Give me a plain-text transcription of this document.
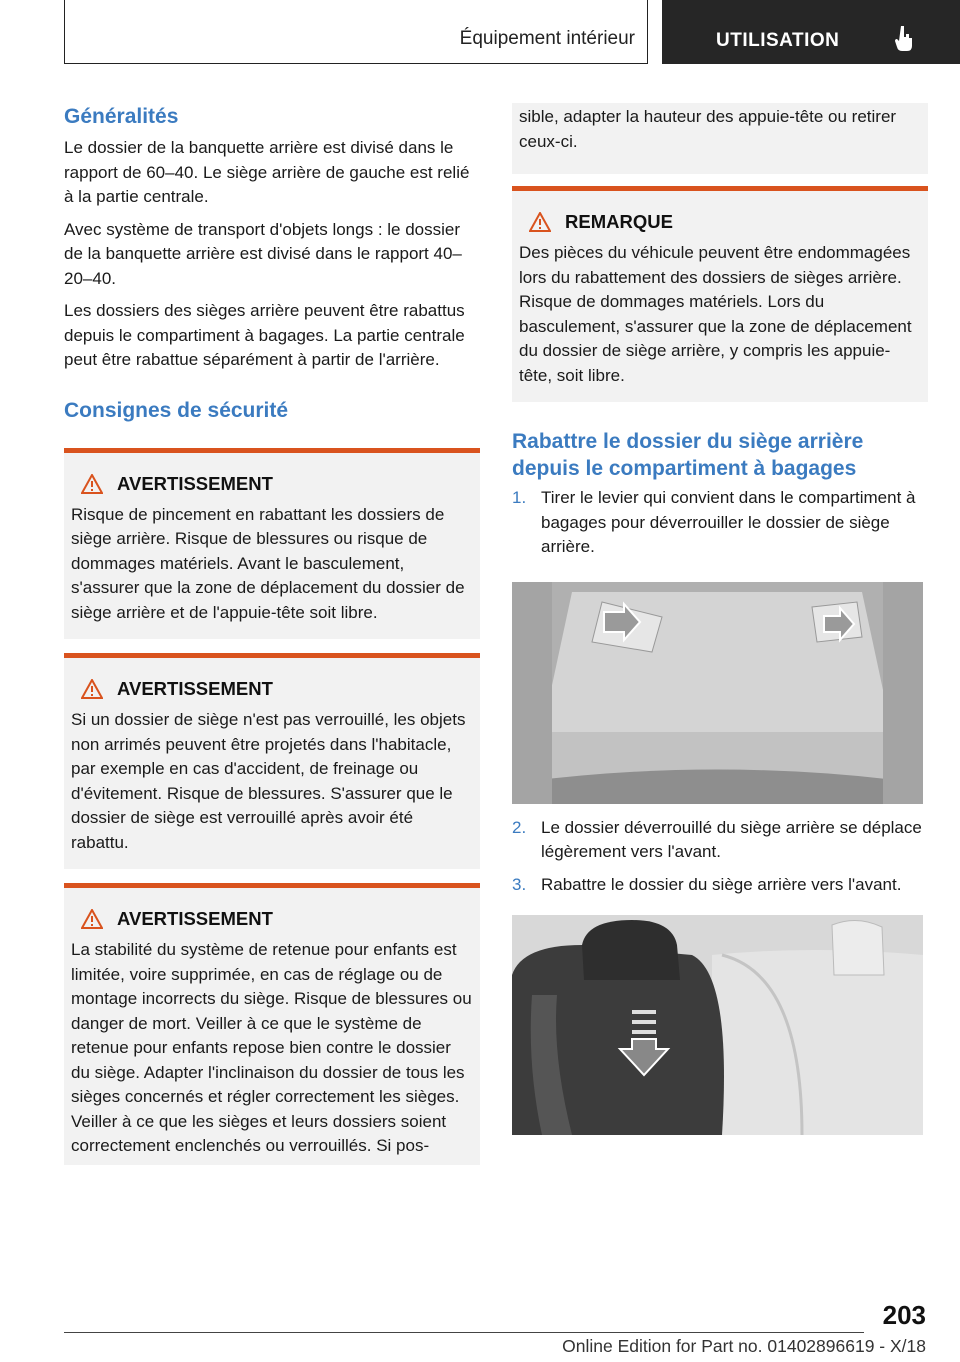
Équipement intérieur	UTILISATION
Généralités

Le dossier de la banquette arrière est divisé dans le rapport de 60–40. Le siège arrière de gauche est relié à la partie centrale.

Avec système de transport d'objets longs : le dossier de la banquette arrière est divisé dans le rapport 40–20–40.

Les dossiers des sièges arrière peuvent être rabattus depuis le compartiment à bagages. La partie centrale peut être rabattue séparément à partir de l'arrière.

Consignes de sécurité
AVERTISSEMENT

Risque de pincement en rabattant les dossiers de siège arrière. Risque de blessures ou risque de dommages matériels. Avant le basculement, s'assurer que la zone de déplacement du dossier de siège arrière et de l'appuie-tête soit libre.

AVERTISSEMENT

Si un dossier de siège n'est pas verrouillé, les objets non arrimés peuvent être projetés dans l'habitacle, par exemple en cas d'accident, de freinage ou d'évitement. Risque de blessures. S'assurer que le dossier de siège est verrouillé après avoir été rabattu.

AVERTISSEMENT

La stabilité du système de retenue pour enfants est limitée, voire supprimée, en cas de réglage ou de montage incorrects du siège. Risque de blessures ou danger de mort. Veiller à ce que le système de retenue pour enfants repose bien contre le dossier du siège. Adapter l'inclinaison du dossier de tous les sièges concernés et régler correctement les sièges. Veiller à ce que les sièges et leurs dossiers soient correctement enclenchés ou verrouillés. Si pos-

sible, adapter la hauteur des appuie-tête ou retirer ceux-ci.

REMARQUE

Des pièces du véhicule peuvent être endommagées lors du rabattement des dossiers de sièges arrière. Risque de dommages matériels. Lors du basculement, s'assurer que la zone de déplacement du dossier de siège arrière, y compris les appuie-tête, soit libre.

Rabattre le dossier du siège arrière depuis le compartiment à bagages
1. Tirer le levier qui convient dans le compartiment à bagages pour déverrouiller le dossier de siège arrière.
2. Le dossier déverrouillé du siège arrière se déplace légèrement vers l'avant.
3. Rabattre le dossier du siège arrière vers l'avant.
203
Online Edition for Part no. 01402896619 - X/18
